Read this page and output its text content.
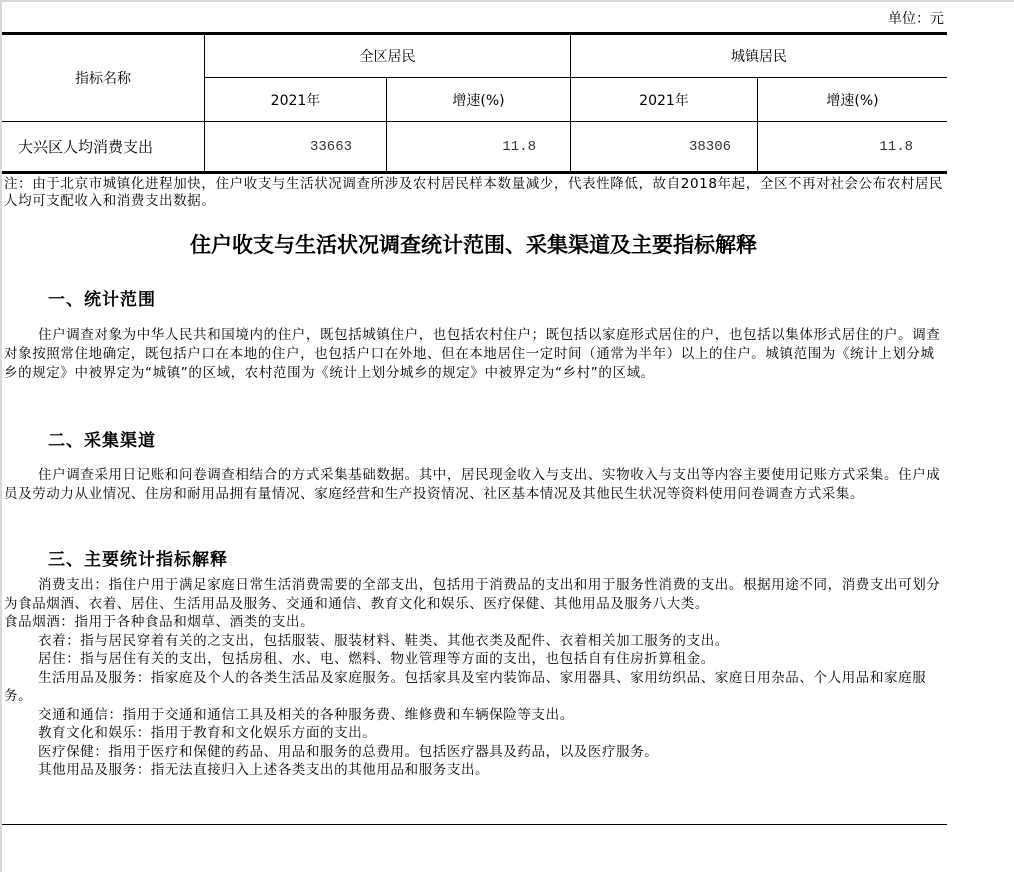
单位：元
指标名称
全区居民	城镇居民
2021年	增速(%)	2021年	增速(%)
大兴区人均消费支出	33663	11.8	38306	11.8
注：由于北京市城镇化进程加快，住户收支与生活状况调查所涉及农村居民样本数量减少，代表性降低，故自2018年起，全区不再对社会公布农村居民人均可支配收入和消费支出数据。
住户收支与生活状况调查统计范围、采集渠道及主要指标解释
一、统计范围
住户调查对象为中华人民共和国境内的住户，既包括城镇住户，也包括农村住户；既包括以家庭形式居住的户，也包括以集体形式居住的户。调查对象按照常住地确定，既包括户口在本地的住户，也包括户口在外地、但在本地居住一定时间（通常为半年）以上的住户。城镇范围为《统计上划分城乡的规定》中被界定为“城镇”的区域，农村范围为《统计上划分城乡的规定》中被界定为“乡村”的区域。
二、采集渠道
住户调查采用日记账和问卷调查相结合的方式采集基础数据。其中，居民现金收入与支出、实物收入与支出等内容主要使用记账方式采集。住户成员及劳动力从业情况、住房和耐用品拥有量情况、家庭经营和生产投资情况、社区基本情况及其他民生状况等资料使用问卷调查方式采集。
三、主要统计指标解释
消费支出：指住户用于满足家庭日常生活消费需要的全部支出，包括用于消费品的支出和用于服务性消费的支出。根据用途不同，消费支出可划分为食品烟酒、衣着、居住、生活用品及服务、交通和通信、教育文化和娱乐、医疗保健、其他用品及服务八大类。
食品烟酒：指用于各种食品和烟草、酒类的支出。
衣着：指与居民穿着有关的之支出，包括服装、服装材料、鞋类、其他衣类及配件、衣着相关加工服务的支出。
居住：指与居住有关的支出，包括房租、水、电、燃料、物业管理等方面的支出，也包括自有住房折算租金。
生活用品及服务：指家庭及个人的各类生活品及家庭服务。包括家具及室内装饰品、家用器具、家用纺织品、家庭日用杂品、个人用品和家庭服务。
交通和通信：指用于交通和通信工具及相关的各种服务费、维修费和车辆保险等支出。
教育文化和娱乐：指用于教育和文化娱乐方面的支出。
医疗保健：指用于医疗和保健的药品、用品和服务的总费用。包括医疗器具及药品，以及医疗服务。
其他用品及服务：指无法直接归入上述各类支出的其他用品和服务支出。
